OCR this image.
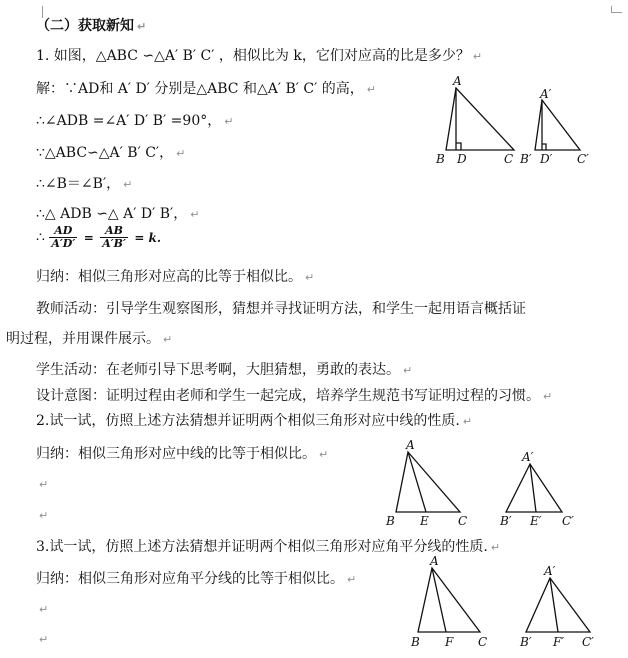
（二）获取新知 ↵
1. 如图，△ABC ∽△A′ B′ C′ ，相似比为 k，它们对应高的比是多少？ ↵
解：∵AD和 A′ D′ 分别是△ABC 和△A′ B′ C′ 的高， ↵
∴∠ADB =∠A′ D′ B′ =90°， ↵
∵△ABC∽△A′ B′ C′， ↵
∴∠B＝∠B′， ↵
∴△ ADB ∽△ A′ D′ B′， ↵
∴ $\frac{AD}{A'D'} = \frac{AB}{A'B'} = k$.
归纳：相似三角形对应高的比等于相似比。 ↵
教师活动：引导学生观察图形，猜想并寻找证明方法，和学生一起用语言概括证
明过程，并用课件展示。 ↵
学生活动：在老师引导下思考啊，大胆猜想，勇敢的表达。 ↵
设计意图：证明过程由老师和学生一起完成，培养学生规范书写证明过程的习惯。 ↵
2.试一试，仿照上述方法猜想并证明两个相似三角形对应中线的性质. ↵
归纳：相似三角形对应中线的比等于相似比。 ↵
↵
↵
3.试一试，仿照上述方法猜想并证明两个相似三角形对应角平分线的性质. ↵
归纳：相似三角形对应角平分线的比等于相似比。 ↵
↵
↵
A
B D	C
A′
B′ D′ C′
A
B E C
A′
B′ E′ C′
A
B F C
A′
B′ F′ C′
